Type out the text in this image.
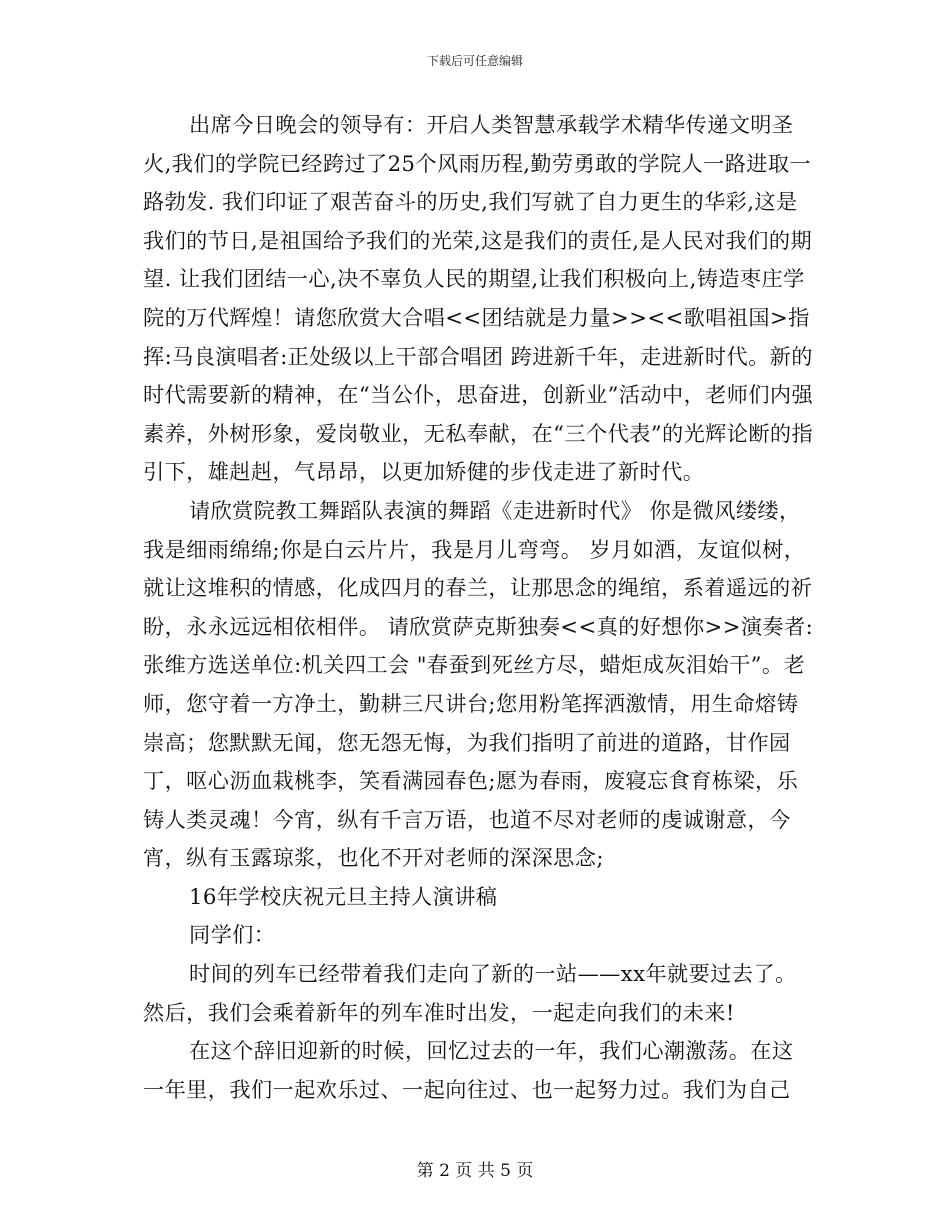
下载后可任意编辑

出席今日晚会的领导有：开启人类智慧承载学术精华传递文明圣火,我们的学院已经跨过了25个风雨历程,勤劳勇敢的学院人一路进取一路勃发. 我们印证了艰苦奋斗的历史,我们写就了自力更生的华彩,这是我们的节日,是祖国给予我们的光荣,这是我们的责任,是人民对我们的期望. 让我们团结一心,决不辜负人民的期望,让我们积极向上,铸造枣庄学院的万代辉煌！请您欣赏大合唱<<团结就是力量>><<歌唱祖国>指挥:马良演唱者:正处级以上干部合唱团 跨进新千年，走进新时代。新的时代需要新的精神，在“当公仆，思奋进，创新业”活动中，老师们内强素养，外树形象，爱岗敬业，无私奉献，在“三个代表”的光辉论断的指引下，雄赳赳，气昂昂，以更加矫健的步伐走进了新时代。

请欣赏院教工舞蹈队表演的舞蹈《走进新时代》 你是微风缕缕，我是细雨绵绵;你是白云片片，我是月儿弯弯。 岁月如酒，友谊似树，就让这堆积的情感，化成四月的春兰，让那思念的绳绾，系着遥远的祈盼，永永远远相依相伴。 请欣赏萨克斯独奏<<真的好想你>>演奏者:张维方选送单位:机关四工会 "春蚕到死丝方尽，蜡炬成灰泪始干”。老师，您守着一方净土，勤耕三尺讲台;您用粉笔挥洒激情，用生命熔铸崇高；您默默无闻，您无怨无悔，为我们指明了前进的道路，甘作园丁，呕心沥血栽桃李，笑看满园春色;愿为春雨，废寝忘食育栋梁，乐铸人类灵魂！今宵，纵有千言万语，也道不尽对老师的虔诚谢意，今宵，纵有玉露琼浆，也化不开对老师的深深思念;

16年学校庆祝元旦主持人演讲稿

同学们：

时间的列车已经带着我们走向了新的一站——xx年就要过去了。然后，我们会乘着新年的列车准时出发，一起走向我们的未来!

在这个辞旧迎新的时候，回忆过去的一年，我们心潮激荡。在这一年里，我们一起欢乐过、一起向往过、也一起努力过。我们为自己

第 2 页 共 5 页
